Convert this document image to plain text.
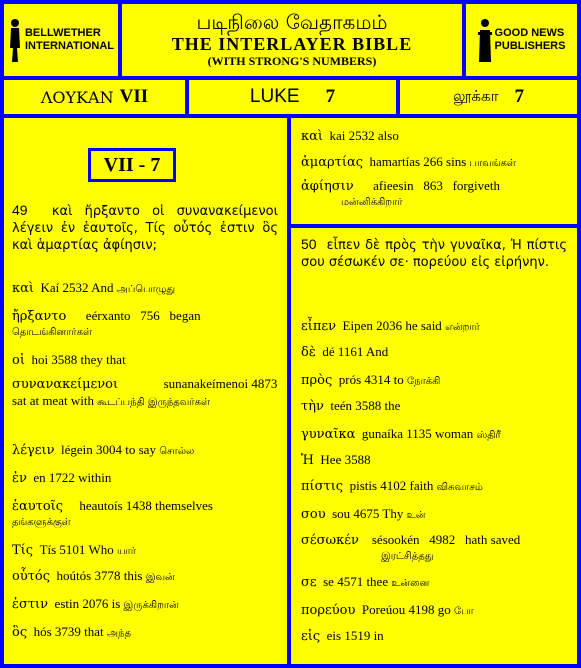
BELLWETHER
INTERNATIONAL
படிநிலை வேதாகமம்
THE INTERLAYER BIBLE
(WITH STRONG'S NUMBERS)
GOOD NEWS
PUBLISHERS
ΛΟΥΚΑΝ VII	LUKE 7	லூக்கா 7
VII - 7
49 καὶ ἤρξαντο οἱ συνανακείμενοι λέγειν ἐν ἑαυτοῖς, Τίς οὗτός ἐστιν ὃς καὶ ἁμαρτίας ἀφίησιν;
καὶ Kaí 2532 And அப்பொழுது
ἤρξαντο eérxanto   756   began
தொடங்கினார்கள்
οἱ hoi 3588 they that
συνανακείμενοι	sunanakeímenoi 4873 sat at meat with கூடப்பந்தி இருந்தவர்கள்
λέγειν légein 3004 to say சொல்ல
ἐν en 1722 within
ἑαυτοῖς heautoís 1438 themselves
தங்களுக்குள்
Τίς Tís 5101 Who யார்
οὗτός hoútós 3778 this இவன்
ἐστιν estin 2076 is இருக்கிறான்
ὃς hós 3739 that அந்த
καὶ kai 2532 also
ἁμαρτίας hamartías 266 sins பாவங்கள்
ἀφίησιν afieesin   863   forgiveth
மன்னிக்கிறார்
50 εἶπεν δὲ πρὸς τὴν γυναῖκα, Ἡ πίστις σου σέσωκέν σε· πορεύου εἰς εἰρήνην.
εἶπεν Eipen 2036 he said என்றார்
δὲ dé 1161 And
πρὸς prós 4314 to நோக்கி
τὴν teén 3588 the
γυναῖκα gunaíka 1135 woman ஸ்திரீ
Ἡ Hee 3588
πίστις pistis 4102 faith விசுவாசம்
σου sou 4675 Thy உன்
σέσωκέν sésookén   4982   hath saved
இரட்சித்தது
σε se 4571 thee உன்னை
πορεύου Poreúou 4198 go போ
εἰς eis 1519 in
